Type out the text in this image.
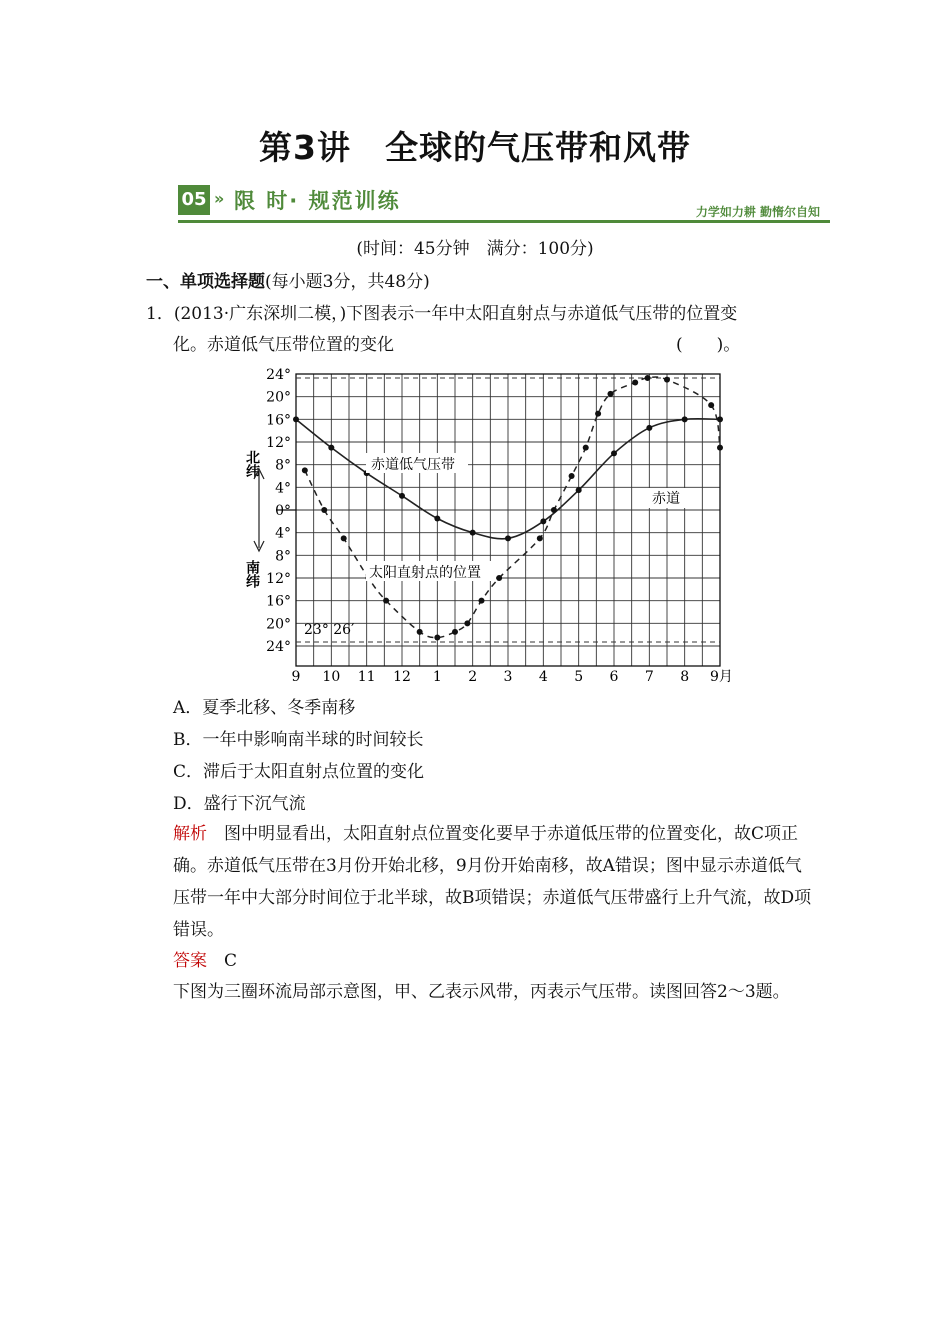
第3讲　全球的气压带和风带
05 » 限 时· 规范训练	力学如力耕 勤惰尔自知
(时间：45分钟　满分：100分)
一、单项选择题(每小题3分，共48分)
1．(2013·广东深圳二模，)下图表示一年中太阳直射点与赤道低气压带的位置变
化。赤道低气压带位置的变化	(　　)。
9 10 11 12 1 2 3 4 5 6 7 8 9月
24°
20°
16°
12°
8°
4°
0°
4°
8°
12°
16°
20°
24°
赤道低气压带
太阳直射点的位置
赤道
23° 26′
北纬
南纬
A．夏季北移、冬季南移
B．一年中影响南半球的时间较长
C．滞后于太阳直射点位置的变化
D．盛行下沉气流
解析　 图中明显看出，太阳直射点位置变化要早于赤道低压带的位置变化，故C项正确。赤道低气压带在3月份开始北移，9月份开始南移，故A错误；图中显示赤道低气压带一年中大部分时间位于北半球，故B项错误；赤道低气压带盛行上升气流，故D项错误。
答案　 C
下图为三圈环流局部示意图，甲、乙表示风带，丙表示气压带。读图回答2～3题。
